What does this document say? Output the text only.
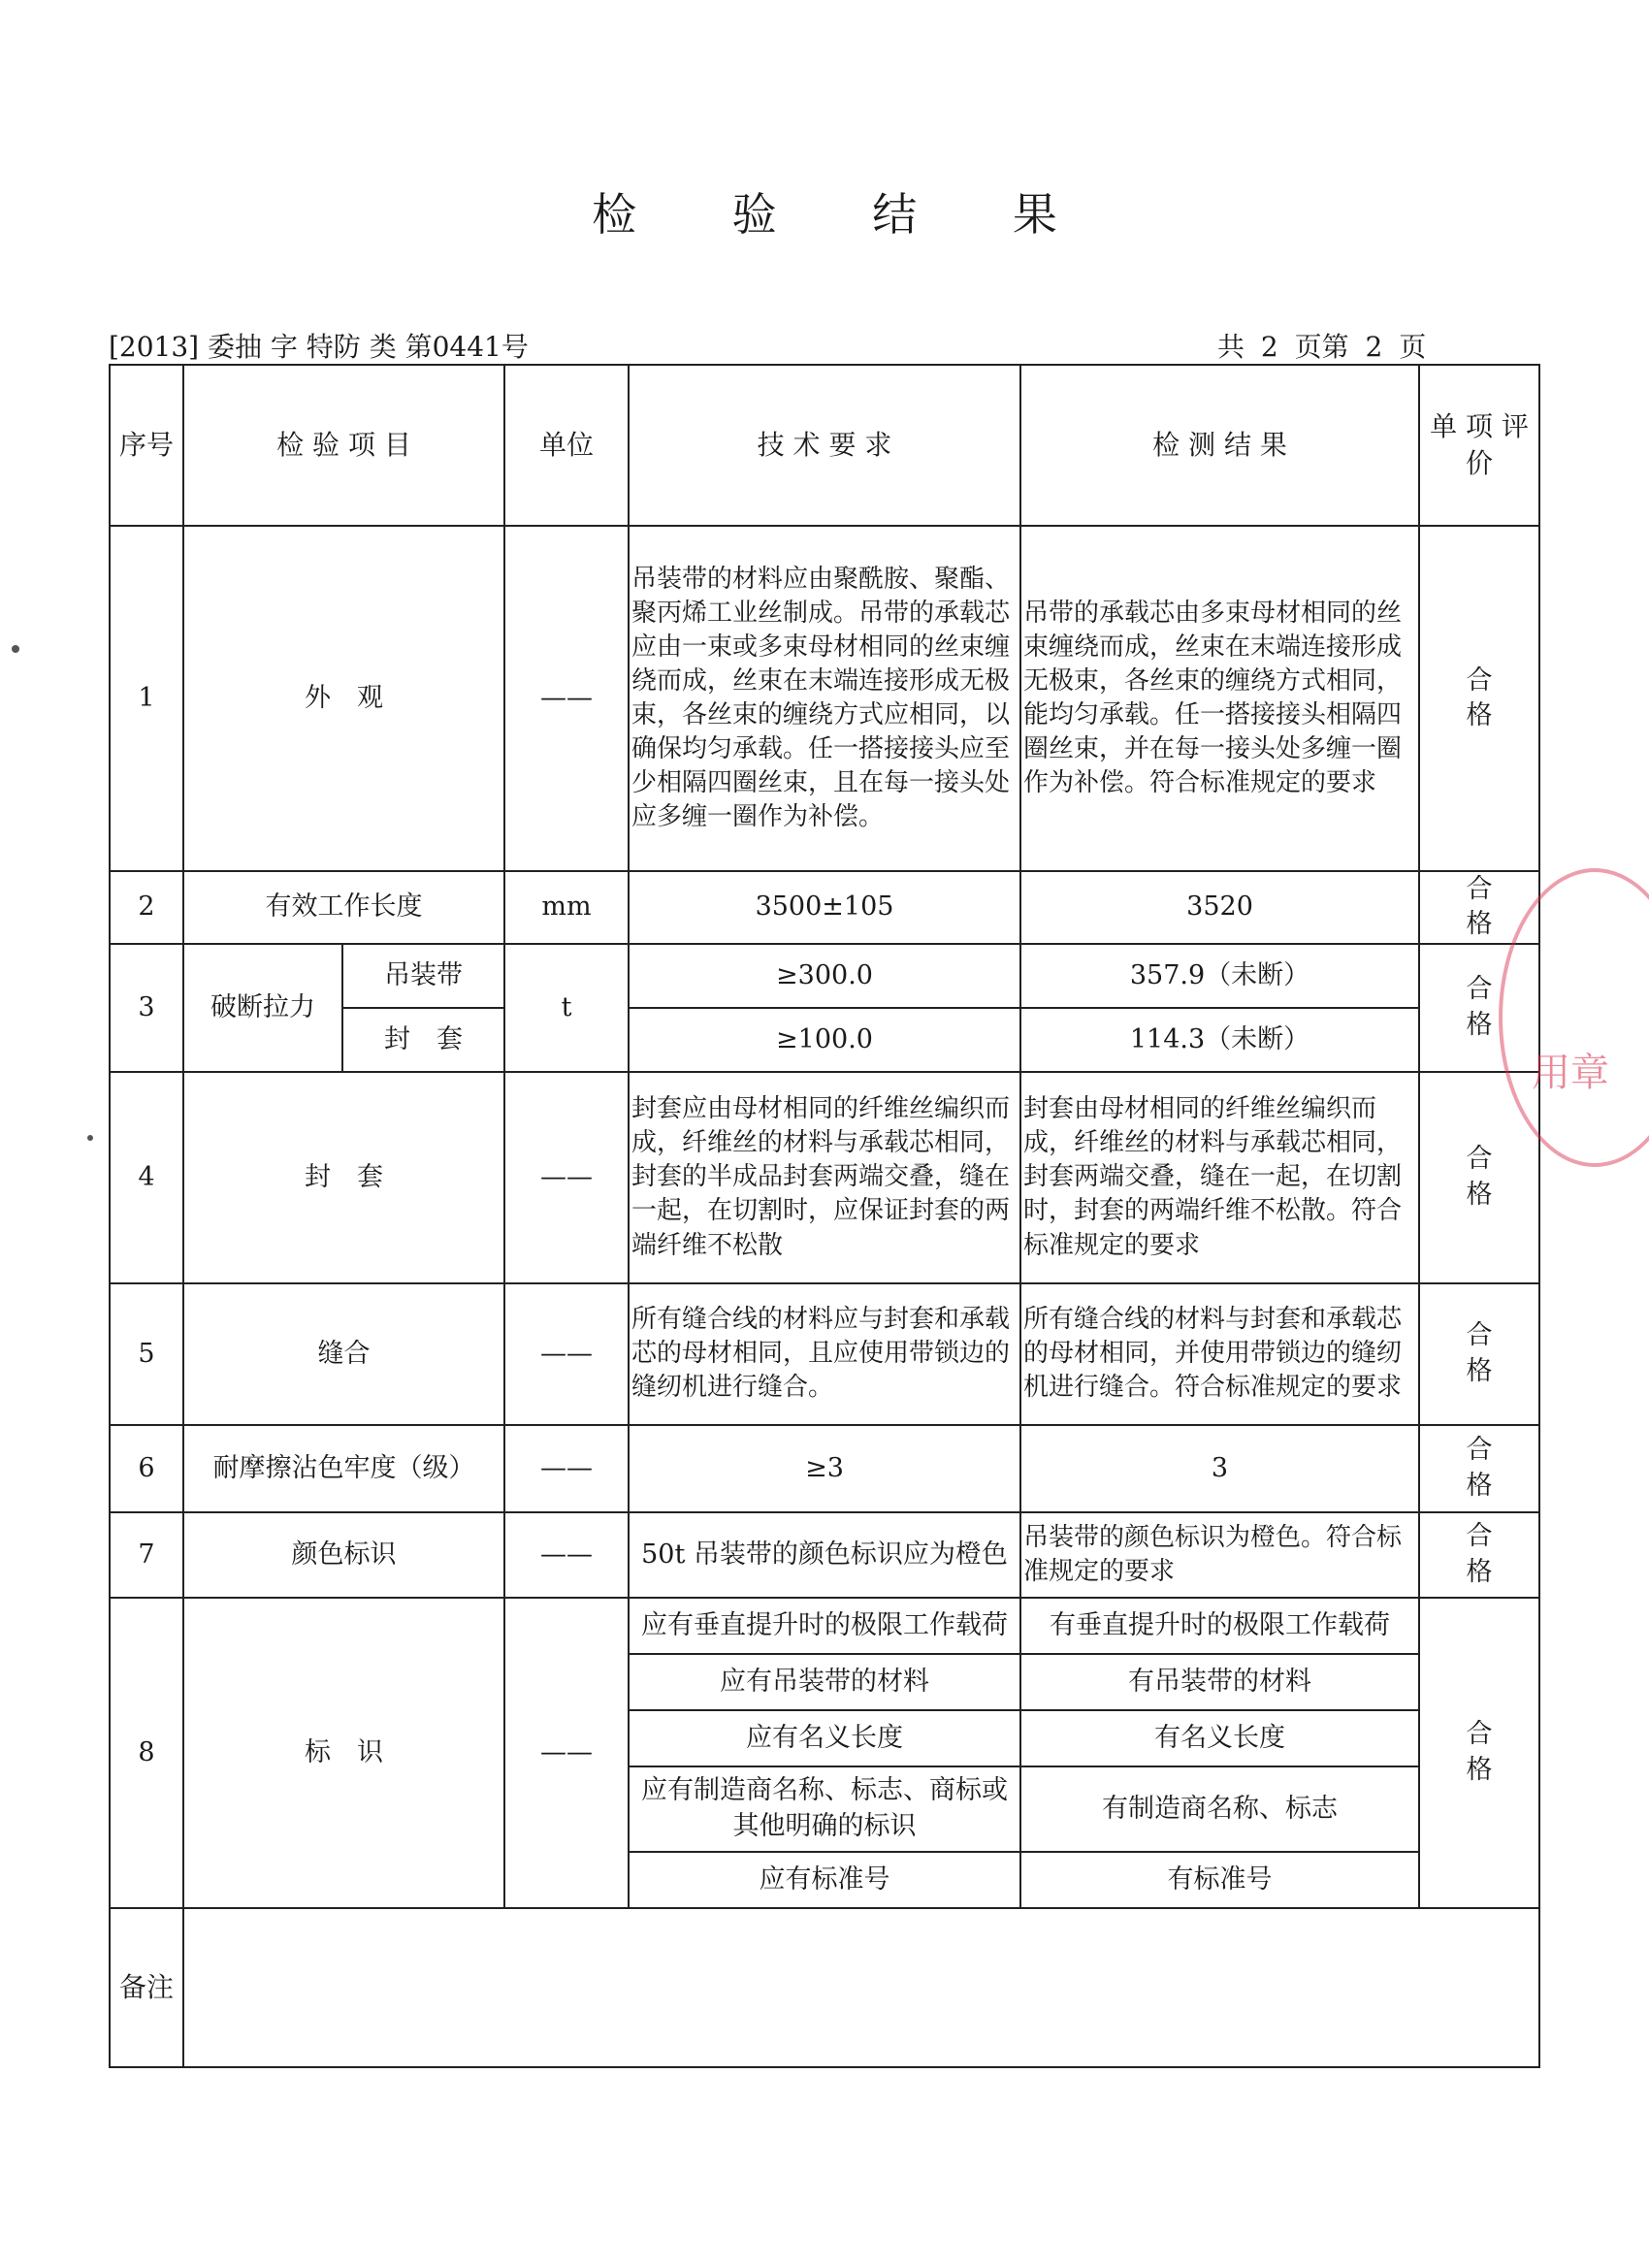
检 验 结 果
[2013] 委抽 字 特防 类 第0441号	共 2 页第 2 页
序号	检 验 项 目		单位	技 术 要 求	检 测 结 果	单 项 评 价
1	外　观		——	吊装带的材料应由聚酰胺、聚酯、聚丙烯工业丝制成。吊带的承载芯应由一束或多束母材相同的丝束缠绕而成，丝束在末端连接形成无极束，各丝束的缠绕方式应相同，以确保均匀承载。任一搭接接头应至少相隔四圈丝束，且在每一接头处应多缠一圈作为补偿。	吊带的承载芯由多束母材相同的丝束缠绕而成，丝束在末端连接形成无极束，各丝束的缠绕方式相同，能均匀承载。任一搭接接头相隔四圈丝束，并在每一接头处多缠一圈作为补偿。符合标准规定的要求	合格
2	有效工作长度		mm	3500±105	3520	合格
3	破断拉力	吊装带	t	≥300.0	357.9（未断）	合格
		封　套		≥100.0	114.3（未断）	
4	封　套		——	封套应由母材相同的纤维丝编织而成，纤维丝的材料与承载芯相同，封套的半成品封套两端交叠，缝在一起，在切割时，应保证封套的两端纤维不松散	封套由母材相同的纤维丝编织而成，纤维丝的材料与承载芯相同，封套两端交叠，缝在一起，在切割时，封套的两端纤维不松散。符合标准规定的要求	合格
5	缝合		——	所有缝合线的材料应与封套和承载芯的母材相同，且应使用带锁边的缝纫机进行缝合。	所有缝合线的材料与封套和承载芯的母材相同，并使用带锁边的缝纫机进行缝合。符合标准规定的要求	合格
6	耐摩擦沾色牢度（级）		——	≥3	3	合格
7	颜色标识		——	50t 吊装带的颜色标识应为橙色	吊装带的颜色标识为橙色。符合标准规定的要求	合格
8	标　识		——	应有垂直提升时的极限工作载荷	有垂直提升时的极限工作载荷	合格
				应有吊装带的材料	有吊装带的材料	
				应有名义长度	有名义长度	
				应有制造商名称、标志、商标或其他明确的标识	有制造商名称、标志	
				应有标准号	有标准号	
备注						
用章
